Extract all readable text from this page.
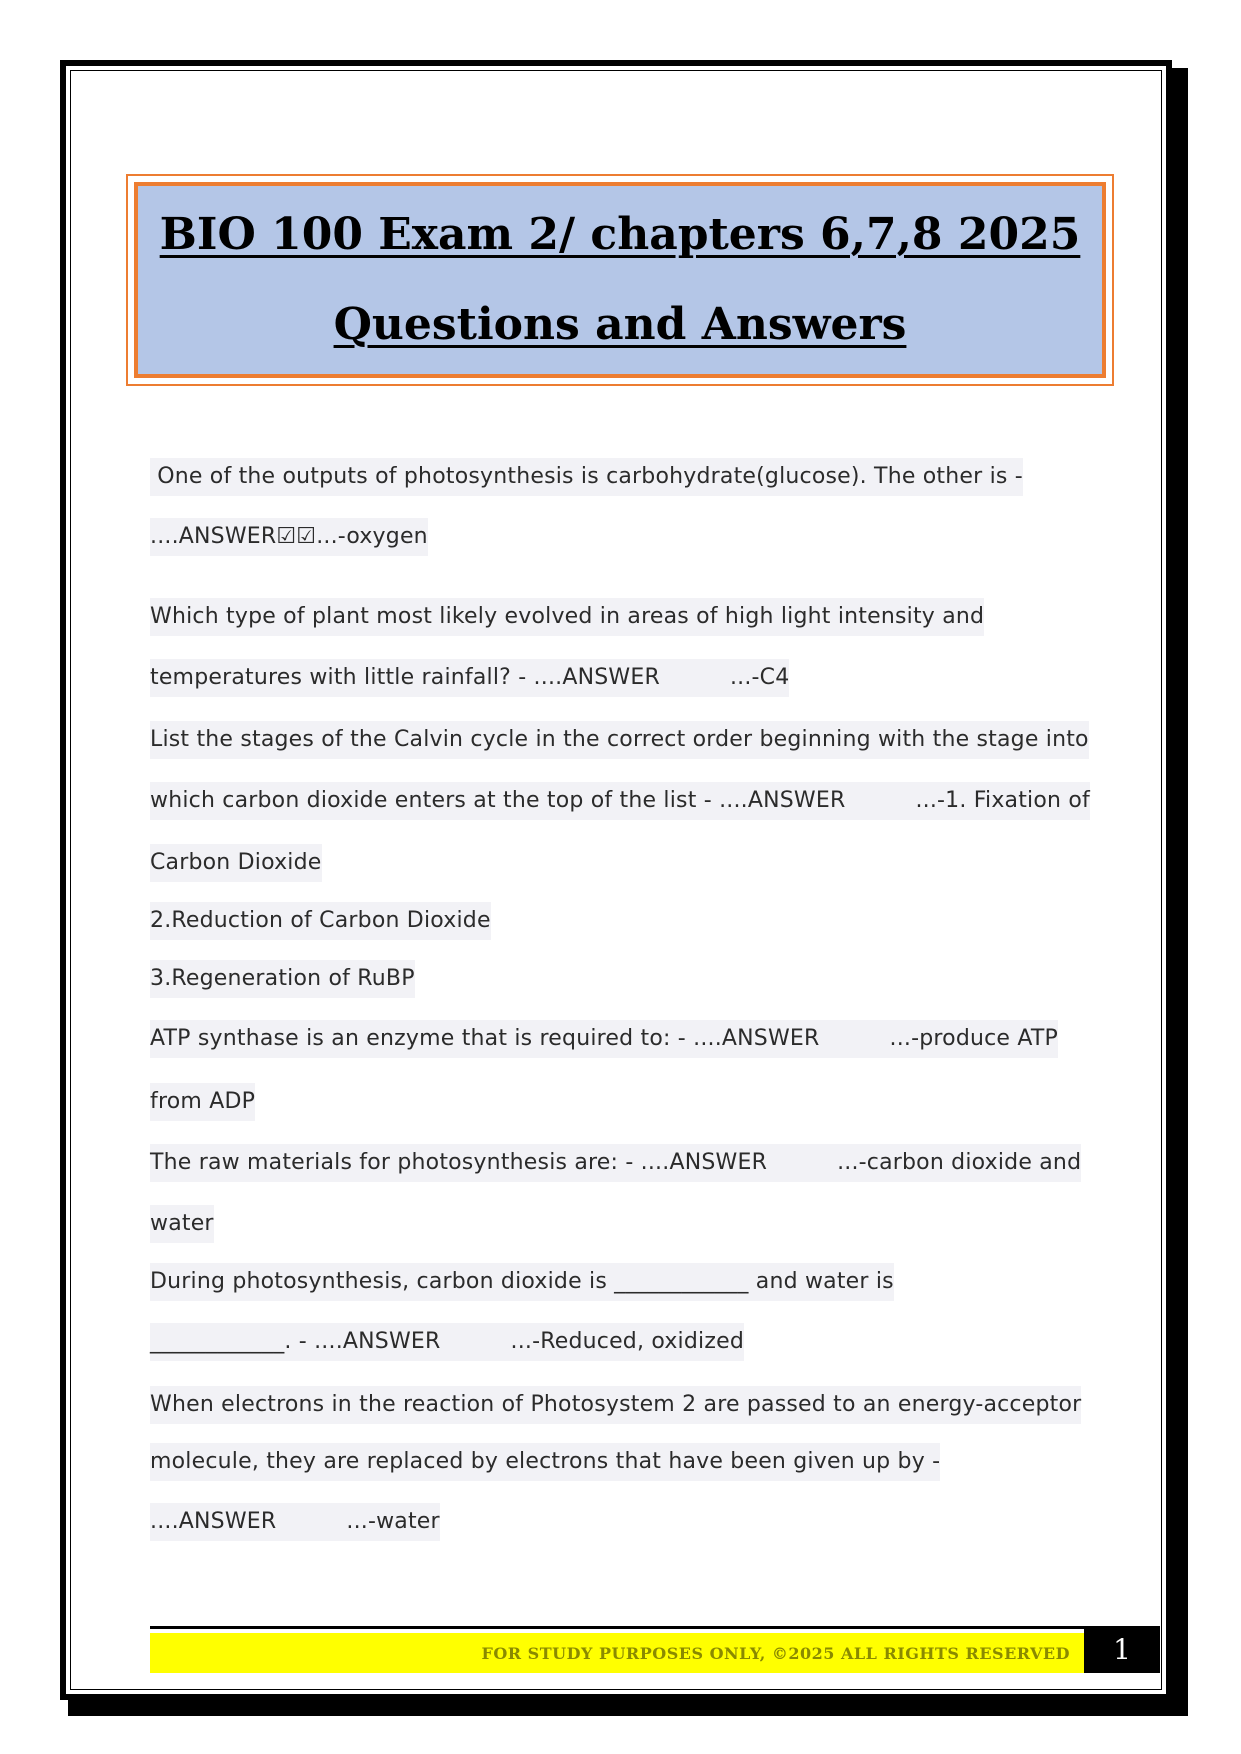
BIO 100 Exam 2/ chapters 6,7,8 2025
Questions and Answers
One of the outputs of photosynthesis is carbohydrate(glucose). The other is -
....ANSWER☑☑...-oxygen
Which type of plant most likely evolved in areas of high light intensity and
temperatures with little rainfall? - ....ANSWER	...-C4
List the stages of the Calvin cycle in the correct order beginning with the stage into
which carbon dioxide enters at the top of the list - ....ANSWER	...-1. Fixation of
Carbon Dioxide
2.Reduction of Carbon Dioxide
3.Regeneration of RuBP
ATP synthase is an enzyme that is required to: - ....ANSWER	...-produce ATP
from ADP
The raw materials for photosynthesis are: - ....ANSWER	...-carbon dioxide and
water
During photosynthesis, carbon dioxide is ____________ and water is
____________. - ....ANSWER	...-Reduced, oxidized
When electrons in the reaction of Photosystem 2 are passed to an energy-acceptor
molecule, they are replaced by electrons that have been given up by -
....ANSWER	...-water
FOR STUDY PURPOSES ONLY, ©2025 ALL RIGHTS RESERVED	1
